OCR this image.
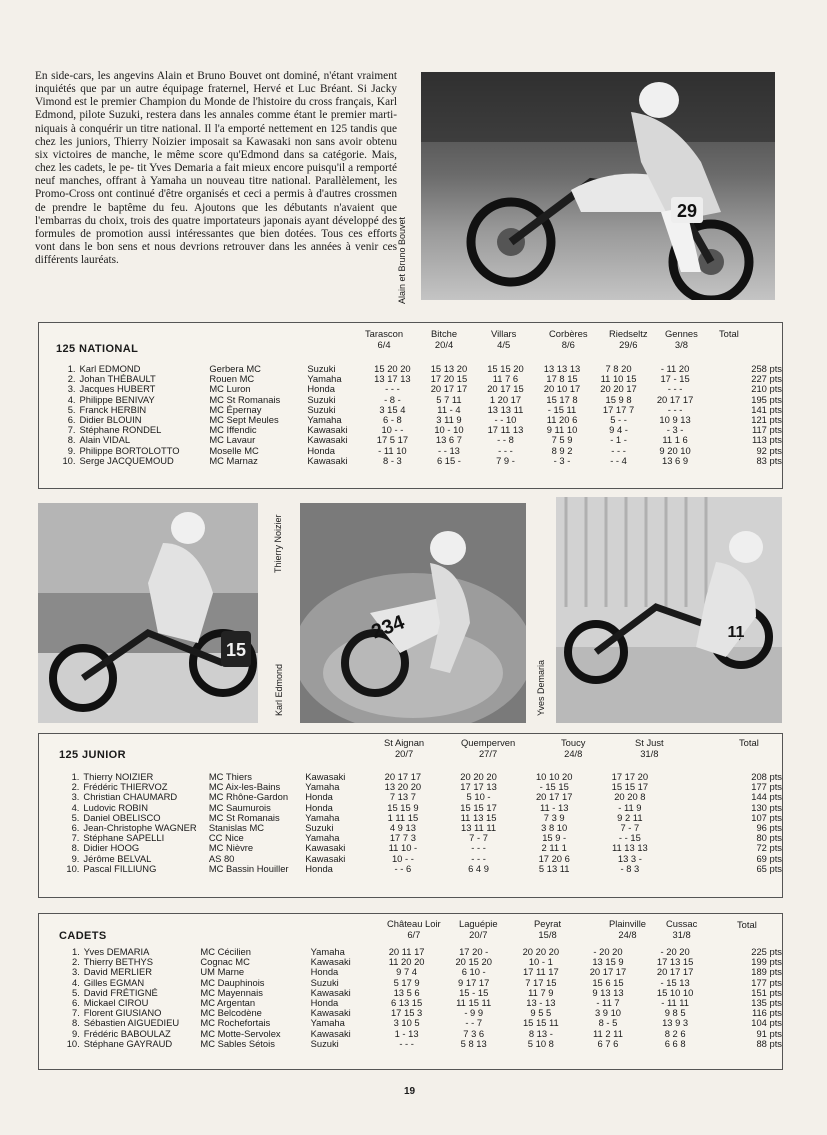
En side-cars, les angevins Alain et Bruno Bouvet ont dominé, n'étant vraiment inquiétés que par un autre équipage fraternel, Hervé et Luc Bréant. Si Jacky Vimond est le premier Champion du Monde de l'histoire du cross français, Karl Edmond, pilote Suzuki, restera dans les annales comme étant le premier marti- niquais à conquérir un titre national. Il l'a emporté nettement en 125 tandis que chez les juniors, Thierry Noizier imposait sa Kawasaki non sans avoir obtenu six victoires de manche, le même score qu'Edmond dans sa catégorie. Mais, chez les cadets, le pe- tit Yves Demaria a fait mieux encore puisqu'il a remporté neuf manches, offrant à Yamaha un nouveau titre national. Parallèlement, les Promo-Cross ont continué d'être organisés et ceci a permis à d'autres crossmen de prendre le baptême du feu. Ajoutons que les débutants n'avaient que l'embarras du choix, trois des quatre importateurs japonais ayant développé des formules de promotion aussi intéressantes que bien dotées. Tous ces efforts vont dans le bon sens et nous devrions retrouver dans les années à venir ces différents lauréats.
29
Alain et Bruno Bouvet
125 NATIONAL
Tarascon
6/4
Bitche
20/4
Villars
4/5
Corbères
8/6
Riedseltz
29/6
Gennes
3/8
Total
1.	Karl EDMOND	Gerbera MC	Suzuki	15 20 20	15 13 20	15 15 20	13 13 13	7 8 20	- 11 20	258 pts
2.	Johan THÉBAULT	Rouen MC	Yamaha	13 17 13	17 20 15	11 7 6	17 8 15	11 10 15	17 - 15	227 pts
3.	Jacques HUBERT	MC Luron	Honda	- - -	20 17 17	20 17 15	20 10 17	20 20 17	- - -	210 pts
4.	Philippe BENIVAY	MC St Romanais	Suzuki	- 8 -	5 7 11	1 20 17	15 17 8	15 9 8	20 17 17	195 pts
5.	Franck HERBIN	MC Épernay	Suzuki	3 15 4	11 - 4	13 13 11	- 15 11	17 17 7	- - -	141 pts
6.	Didier BLOUIN	MC Sept Meules	Yamaha	6 - 8	3 11 9	- - 10	11 20 6	5 - -	10 9 13	121 pts
7.	Stéphane RONDEL	MC Iffendic	Kawasaki	10 - -	10 - 10	17 11 13	9 11 10	9 4 -	- 3 -	117 pts
8.	Alain VIDAL	MC Lavaur	Kawasaki	17 5 17	13 6 7	- - 8	7 5 9	- 1 -	11 1 6	113 pts
9.	Philippe BORTOLOTTO	Moselle MC	Honda	- 11 10	- - 13	- - -	8 9 2	- - -	9 20 10	92 pts
10.	Serge JACQUEMOUD	MC Marnaz	Kawasaki	8 - 3	6 15 -	7 9 -	- 3 -	- - 4	13 6 9	83 pts
15
Thierry Noizier
Karl Edmond
234	11
Yves Demaria
125 JUNIOR
St Aignan
20/7
Quemperven
27/7
Toucy
24/8
St Just
31/8
Total
1.	Thierry NOIZIER	MC Thiers	Kawasaki	20 17 17	20 20 20	10 10 20	17 17 20	208 pts
2.	Frédéric THIERVOZ	MC Aix-les-Bains	Yamaha	13 20 20	17 17 13	- 15 15	15 15 17	177 pts
3.	Christian CHAUMARD	MC Rhône-Gardon	Honda	7 13 7	5 10 -	20 17 17	20 20 8	144 pts
4.	Ludovic ROBIN	MC Saumurois	Honda	15 15 9	15 15 17	11 - 13	- 11 9	130 pts
5.	Daniel OBELISCO	MC St Romanais	Yamaha	1 11 15	11 13 15	7 3 9	9 2 11	107 pts
6.	Jean-Christophe WAGNER	Stanislas MC	Suzuki	4 9 13	13 11 11	3 8 10	7 - 7	96 pts
7.	Stéphane SAPELLI	CC Nice	Yamaha	17 7 3	7 - 7	15 9 -	- - 15	80 pts
8.	Didier HOOG	MC Nièvre	Kawasaki	11 10 -	- - -	2 11 1	11 13 13	72 pts
9.	Jérôme BELVAL	AS 80	Kawasaki	10 - -	- - -	17 20 6	13 3 -	69 pts
10.	Pascal FILLIUNG	MC Bassin Houiller	Honda	- - 6	6 4 9	5 13 11	- 8 3	65 pts
CADETS
Château Loir
6/7
Laguépie
20/7
Peyrat
15/8
Plainville
24/8
Cussac
31/8
Total
1.	Yves DEMARIA	MC Cécilien	Yamaha	20 11 17	17 20 -	20 20 20	- 20 20	- 20 20	225 pts
2.	Thierry BETHYS	Cognac MC	Kawasaki	11 20 20	20 15 20	10 - 1	13 15 9	17 13 15	199 pts
3.	David MERLIER	UM Marne	Honda	9 7 4	6 10 -	17 11 17	20 17 17	20 17 17	189 pts
4.	Gilles EGMAN	MC Dauphinois	Suzuki	5 17 9	9 17 17	7 17 15	15 6 15	- 15 13	177 pts
5.	David FRÉTIGNÉ	MC Mayennais	Kawasaki	13 5 6	15 - 15	11 7 9	9 13 13	15 10 10	151 pts
6.	Mickael CIROU	MC Argentan	Honda	6 13 15	11 15 11	13 - 13	- 11 7	- 11 11	135 pts
7.	Florent GIUSIANO	MC Belcodène	Kawasaki	17 15 3	- 9 9	9 5 5	3 9 10	9 8 5	116 pts
8.	Sébastien AIGUEDIEU	MC Rochefortais	Yamaha	3 10 5	- - 7	15 15 11	8 - 5	13 9 3	104 pts
9.	Frédéric BABOULAZ	MC Motte-Servolex	Kawasaki	1 - 13	7 3 6	8 13 -	11 2 11	8 2 6	91 pts
10.	Stéphane GAYRAUD	MC Sables Sétois	Suzuki	- - -	5 8 13	5 10 8	6 7 6	6 6 8	88 pts
19
